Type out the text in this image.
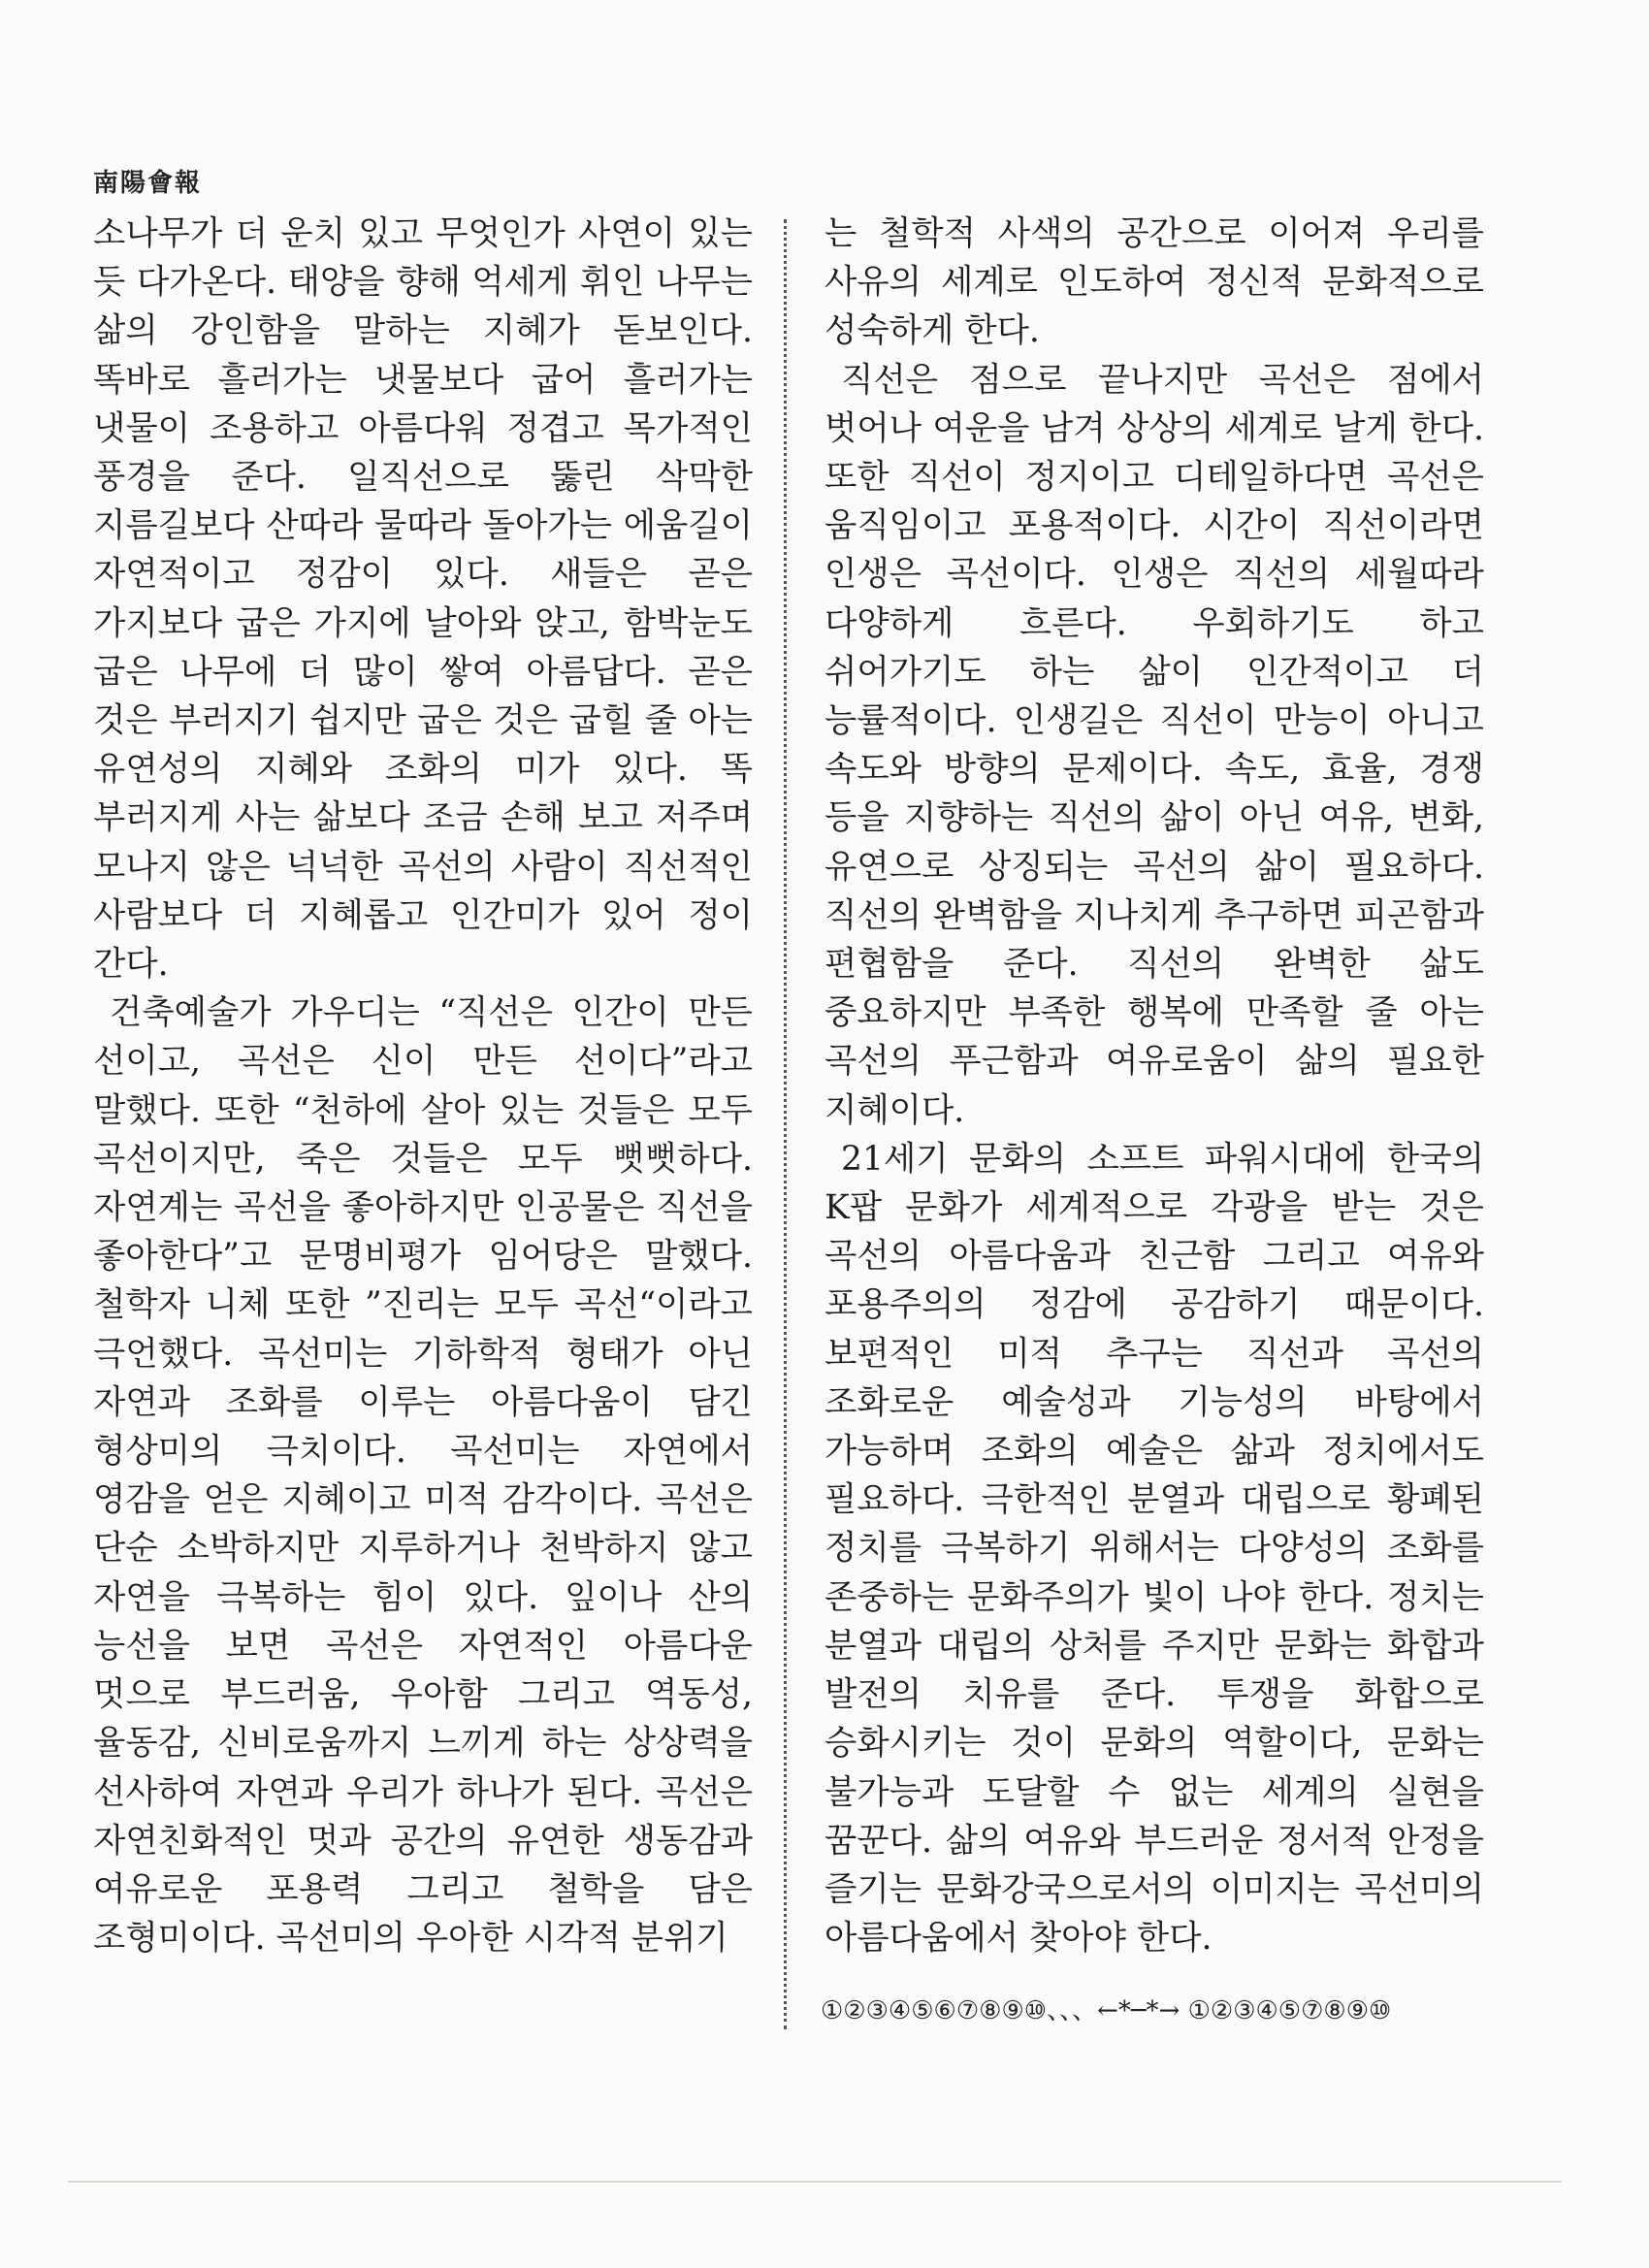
南陽會報

소나무가 더 운치 있고 무엇인가 사연이 있는 듯 다가온다. 태양을 향해 억세게 휘인 나무는 삶의 강인함을 말하는 지혜가 돋보인다. 똑바로 흘러가는 냇물보다 굽어 흘러가는 냇물이 조용하고 아름다워 정겹고 목가적인 풍경을 준다. 일직선으로 뚫린 삭막한 지름길보다 산따라 물따라 돌아가는 에움길이 자연적이고 정감이 있다. 새들은 곧은 가지보다 굽은 가지에 날아와 앉고, 함박눈도 굽은 나무에 더 많이 쌓여 아름답다. 곧은 것은 부러지기 쉽지만 굽은 것은 굽힐 줄 아는 유연성의 지혜와 조화의 미가 있다. 똑 부러지게 사는 삶보다 조금 손해 보고 저주며 모나지 않은 넉넉한 곡선의 사람이 직선적인 사람보다 더 지혜롭고 인간미가 있어 정이 간다.

건축예술가 가우디는 “직선은 인간이 만든 선이고, 곡선은 신이 만든 선이다”라고 말했다. 또한 “천하에 살아 있는 것들은 모두 곡선이지만, 죽은 것들은 모두 뻣뻣하다. 자연계는 곡선을 좋아하지만 인공물은 직선을 좋아한다”고 문명비평가 임어당은 말했다. 철학자 니체 또한 ”진리는 모두 곡선“이라고 극언했다. 곡선미는 기하학적 형태가 아닌 자연과 조화를 이루는 아름다움이 담긴 형상미의 극치이다. 곡선미는 자연에서 영감을 얻은 지혜이고 미적 감각이다. 곡선은 단순 소박하지만 지루하거나 천박하지 않고 자연을 극복하는 힘이 있다. 잎이나 산의 능선을 보면 곡선은 자연적인 아름다운 멋으로 부드러움, 우아함 그리고 역동성, 율동감, 신비로움까지 느끼게 하는 상상력을 선사하여 자연과 우리가 하나가 된다. 곡선은 자연친화적인 멋과 공간의 유연한 생동감과 여유로운 포용력 그리고 철학을 담은 조형미이다. 곡선미의 우아한 시각적 분위기

는 철학적 사색의 공간으로 이어져 우리를 사유의 세계로 인도하여 정신적 문화적으로 성숙하게 한다.

직선은 점으로 끝나지만 곡선은 점에서 벗어나 여운을 남겨 상상의 세계로 날게 한다. 또한 직선이 정지이고 디테일하다면 곡선은 움직임이고 포용적이다. 시간이 직선이라면 인생은 곡선이다. 인생은 직선의 세월따라 다양하게 흐른다. 우회하기도 하고 쉬어가기도 하는 삶이 인간적이고 더 능률적이다. 인생길은 직선이 만능이 아니고 속도와 방향의 문제이다. 속도, 효율, 경쟁 등을 지향하는 직선의 삶이 아닌 여유, 변화, 유연으로 상징되는 곡선의 삶이 필요하다. 직선의 완벽함을 지나치게 추구하면 피곤함과 편협함을 준다. 직선의 완벽한 삶도 중요하지만 부족한 행복에 만족할 줄 아는 곡선의 푸근함과 여유로움이 삶의 필요한 지혜이다.

21세기 문화의 소프트 파워시대에 한국의 K팝 문화가 세계적으로 각광을 받는 것은 곡선의 아름다움과 친근함 그리고 여유와 포용주의의 정감에 공감하기 때문이다. 보편적인 미적 추구는 직선과 곡선의 조화로운 예술성과 기능성의 바탕에서 가능하며 조화의 예술은 삶과 정치에서도 필요하다. 극한적인 분열과 대립으로 황폐된 정치를 극복하기 위해서는 다양성의 조화를 존중하는 문화주의가 빛이 나야 한다. 정치는 분열과 대립의 상처를 주지만 문화는 화합과 발전의 치유를 준다. 투쟁을 화합으로 승화시키는 것이 문화의 역할이다, 문화는 불가능과 도달할 수 없는 세계의 실현을 꿈꾼다. 삶의 여유와 부드러운 정서적 안정을 즐기는 문화강국으로서의 이미지는 곡선미의 아름다움에서 찾아야 한다.

①②③④⑤⑥⑦⑧⑨⑩、、、←*─*→ ①②③④⑤⑦⑧⑨⑩
